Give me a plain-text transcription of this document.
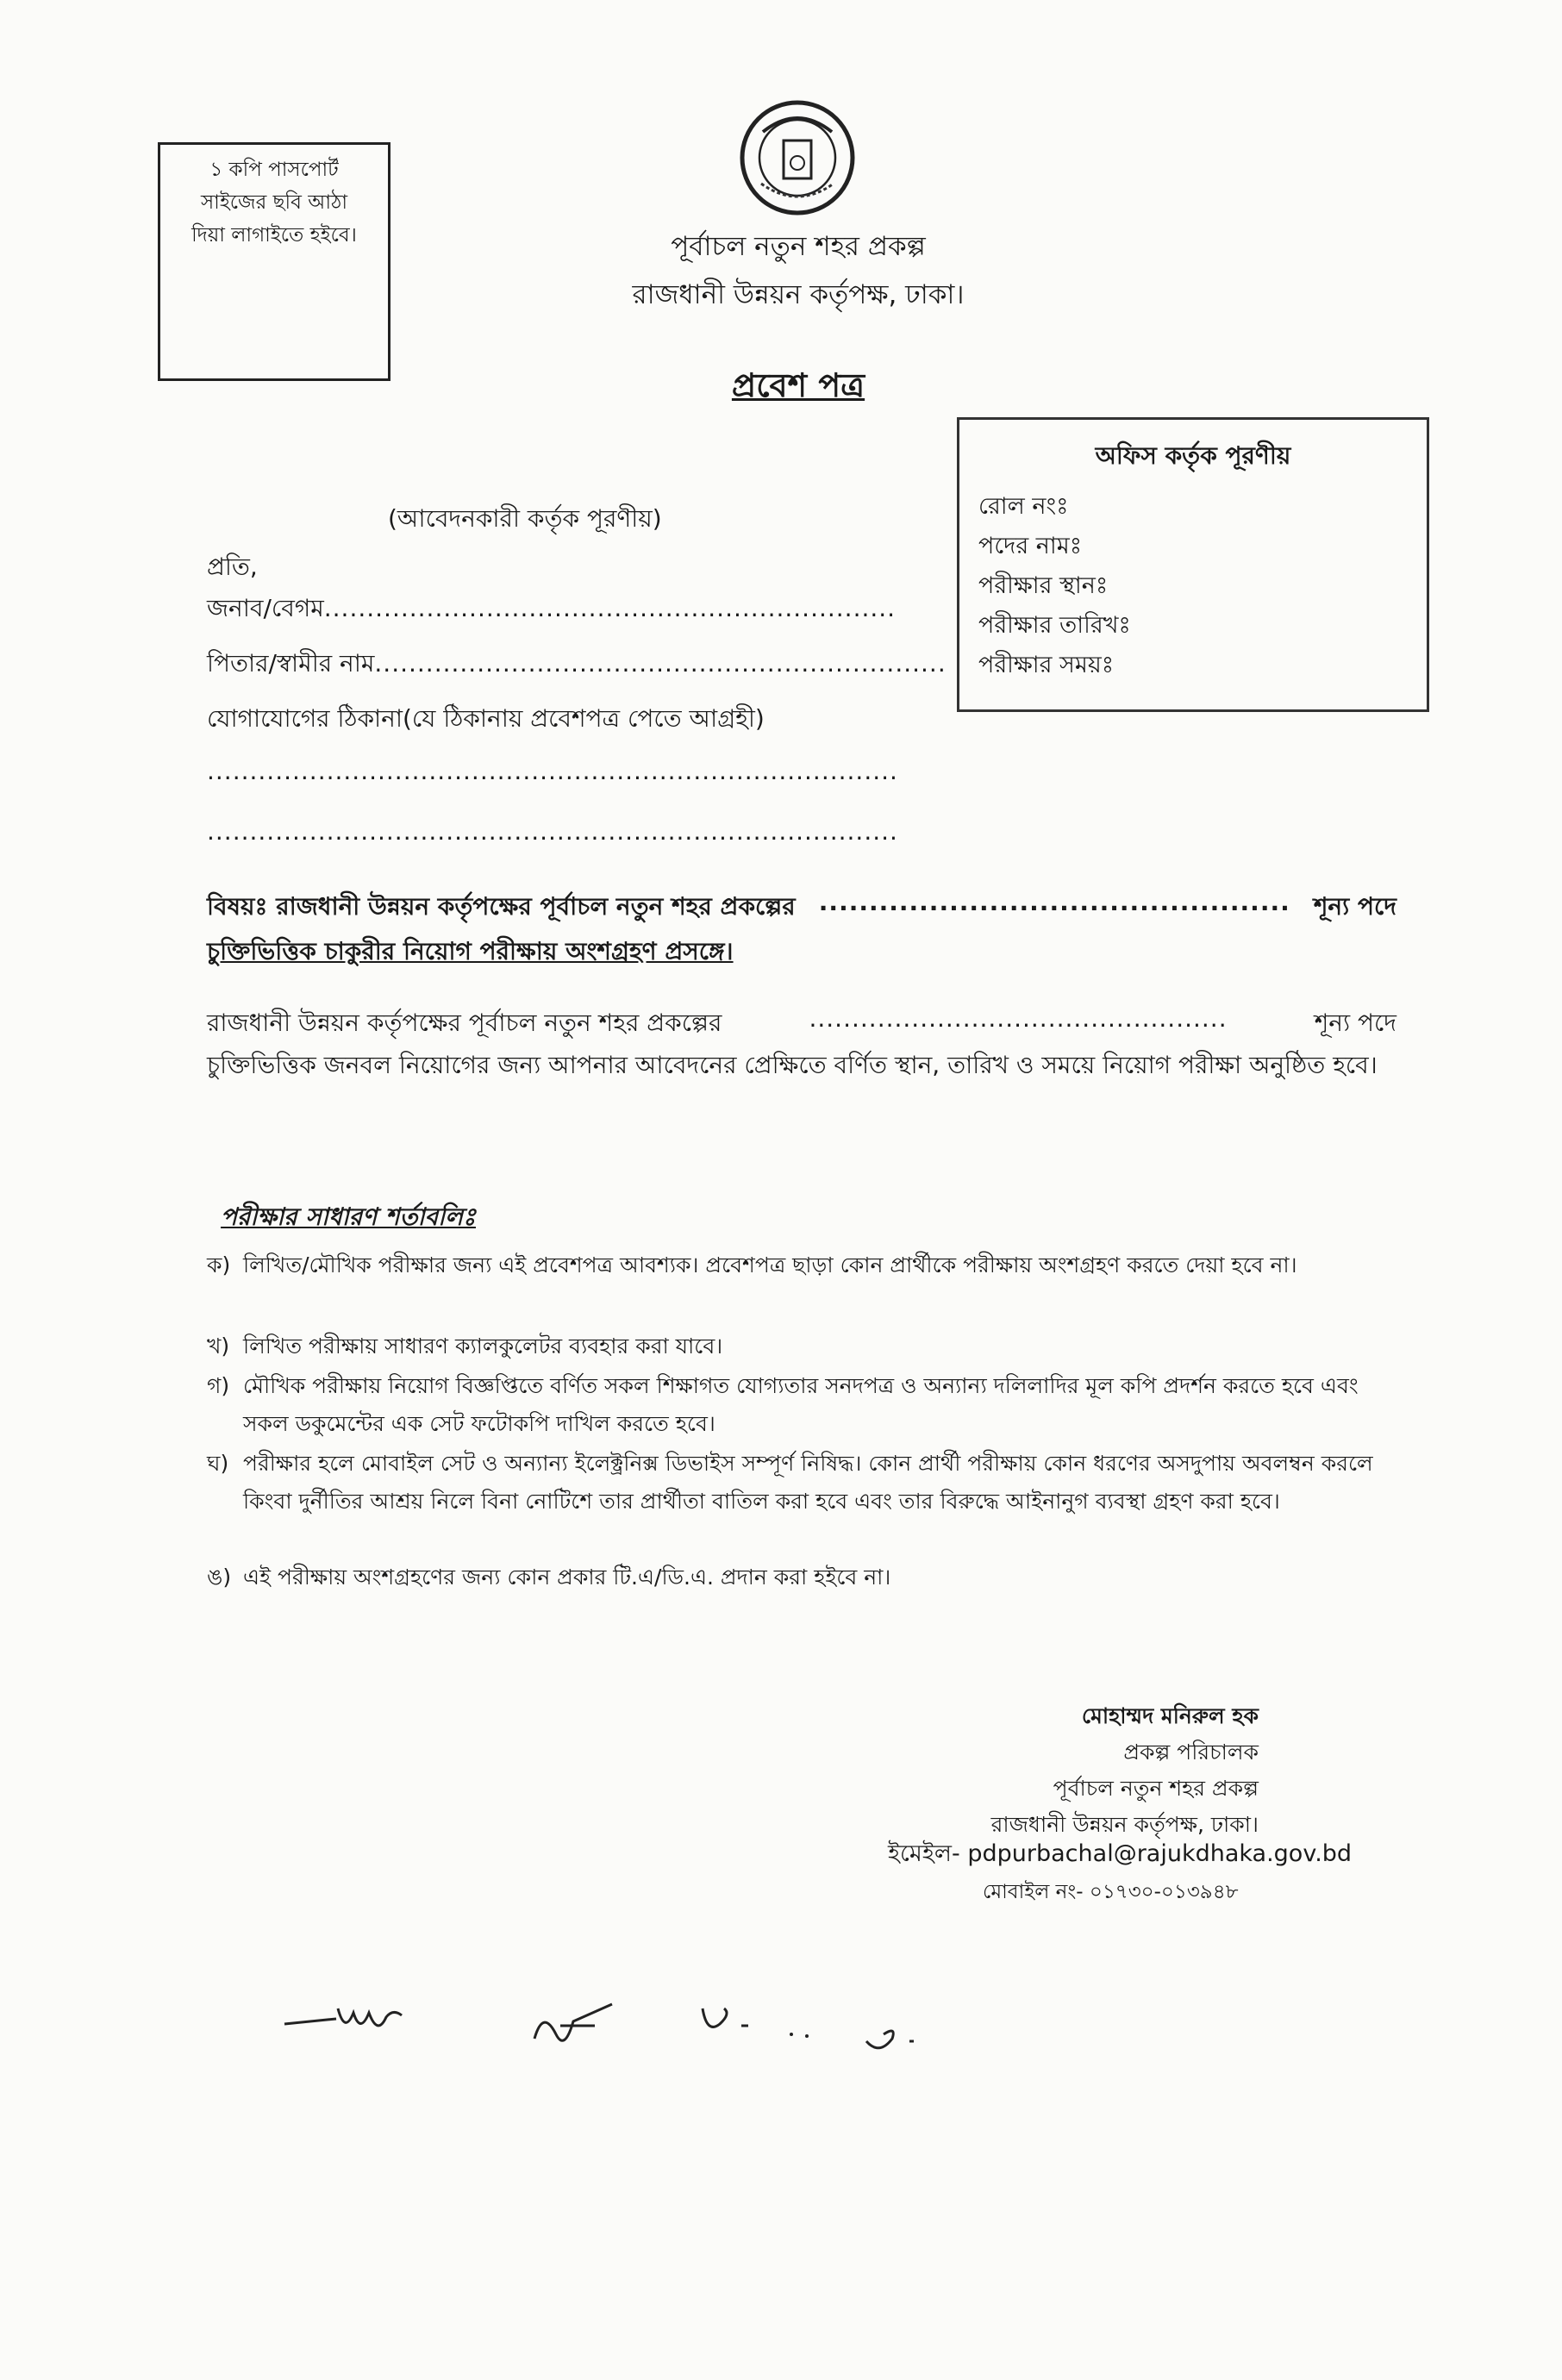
১ কপি পাসপোর্ট
সাইজের ছবি আঠা
দিয়া লাগাইতে হইবে।	পূর্বাচল নতুন শহর প্রকল্প
রাজধানী উন্নয়ন কর্তৃপক্ষ, ঢাকা।
প্রবেশ পত্র
অফিস কর্তৃক পূরণীয়
রোল নংঃ
পদের নামঃ
পরীক্ষার স্থানঃ
পরীক্ষার তারিখঃ
পরীক্ষার সময়ঃ
(আবেদনকারী কর্তৃক পূরণীয়)
প্রতি,
জনাব/বেগম...................................................................
পিতার/স্বামীর নাম...................................................................
যোগাযোগের ঠিকানা(যে ঠিকানায় প্রবেশপত্র পেতে আগ্রহী)
.................................................................................
.................................................................................
বিষয়ঃ রাজধানী উন্নয়ন কর্তৃপক্ষের পূর্বাচল নতুন শহর প্রকল্পের ............................................... শূন্য পদে
চুক্তিভিত্তিক চাকুরীর নিয়োগ পরীক্ষায় অংশগ্রহণ প্রসঙ্গে।
রাজধানী উন্নয়ন কর্তৃপক্ষের পূর্বাচল নতুন শহর প্রকল্পের	.................................................	শূন্য পদে
চুক্তিভিত্তিক জনবল নিয়োগের জন্য আপনার আবেদনের প্রেক্ষিতে বর্ণিত স্থান, তারিখ ও সময়ে নিয়োগ পরীক্ষা অনুষ্ঠিত হবে।
পরীক্ষার সাধারণ শর্তাবলিঃ
ক) লিখিত/মৌখিক পরীক্ষার জন্য এই প্রবেশপত্র আবশ্যক। প্রবেশপত্র ছাড়া কোন প্রার্থীকে পরীক্ষায় অংশগ্রহণ করতে দেয়া হবে না।
খ) লিখিত পরীক্ষায় সাধারণ ক্যালকুলেটর ব্যবহার করা যাবে।
গ) মৌখিক পরীক্ষায় নিয়োগ বিজ্ঞপ্তিতে বর্ণিত সকল শিক্ষাগত যোগ্যতার সনদপত্র ও অন্যান্য দলিলাদির মূল কপি প্রদর্শন করতে হবে এবং সকল ডকুমেন্টের এক সেট ফটোকপি দাখিল করতে হবে।
ঘ) পরীক্ষার হলে মোবাইল সেট ও অন্যান্য ইলেক্ট্রনিক্স ডিভাইস সম্পূর্ণ নিষিদ্ধ। কোন প্রার্থী পরীক্ষায় কোন ধরণের অসদুপায় অবলম্বন করলে কিংবা দুর্নীতির আশ্রয় নিলে বিনা নোটিশে তার প্রার্থীতা বাতিল করা হবে এবং তার বিরুদ্ধে আইনানুগ ব্যবস্থা গ্রহণ করা হবে।
ঙ) এই পরীক্ষায় অংশগ্রহণের জন্য কোন প্রকার টি.এ/ডি.এ. প্রদান করা হইবে না।
মোহাম্মদ মনিরুল হক
প্রকল্প পরিচালক
পূর্বাচল নতুন শহর প্রকল্প
রাজধানী উন্নয়ন কর্তৃপক্ষ, ঢাকা।
ইমেইল- pdpurbachal@rajukdhaka.gov.bd
মোবাইল নং- ০১৭৩০-০১৩৯৪৮
